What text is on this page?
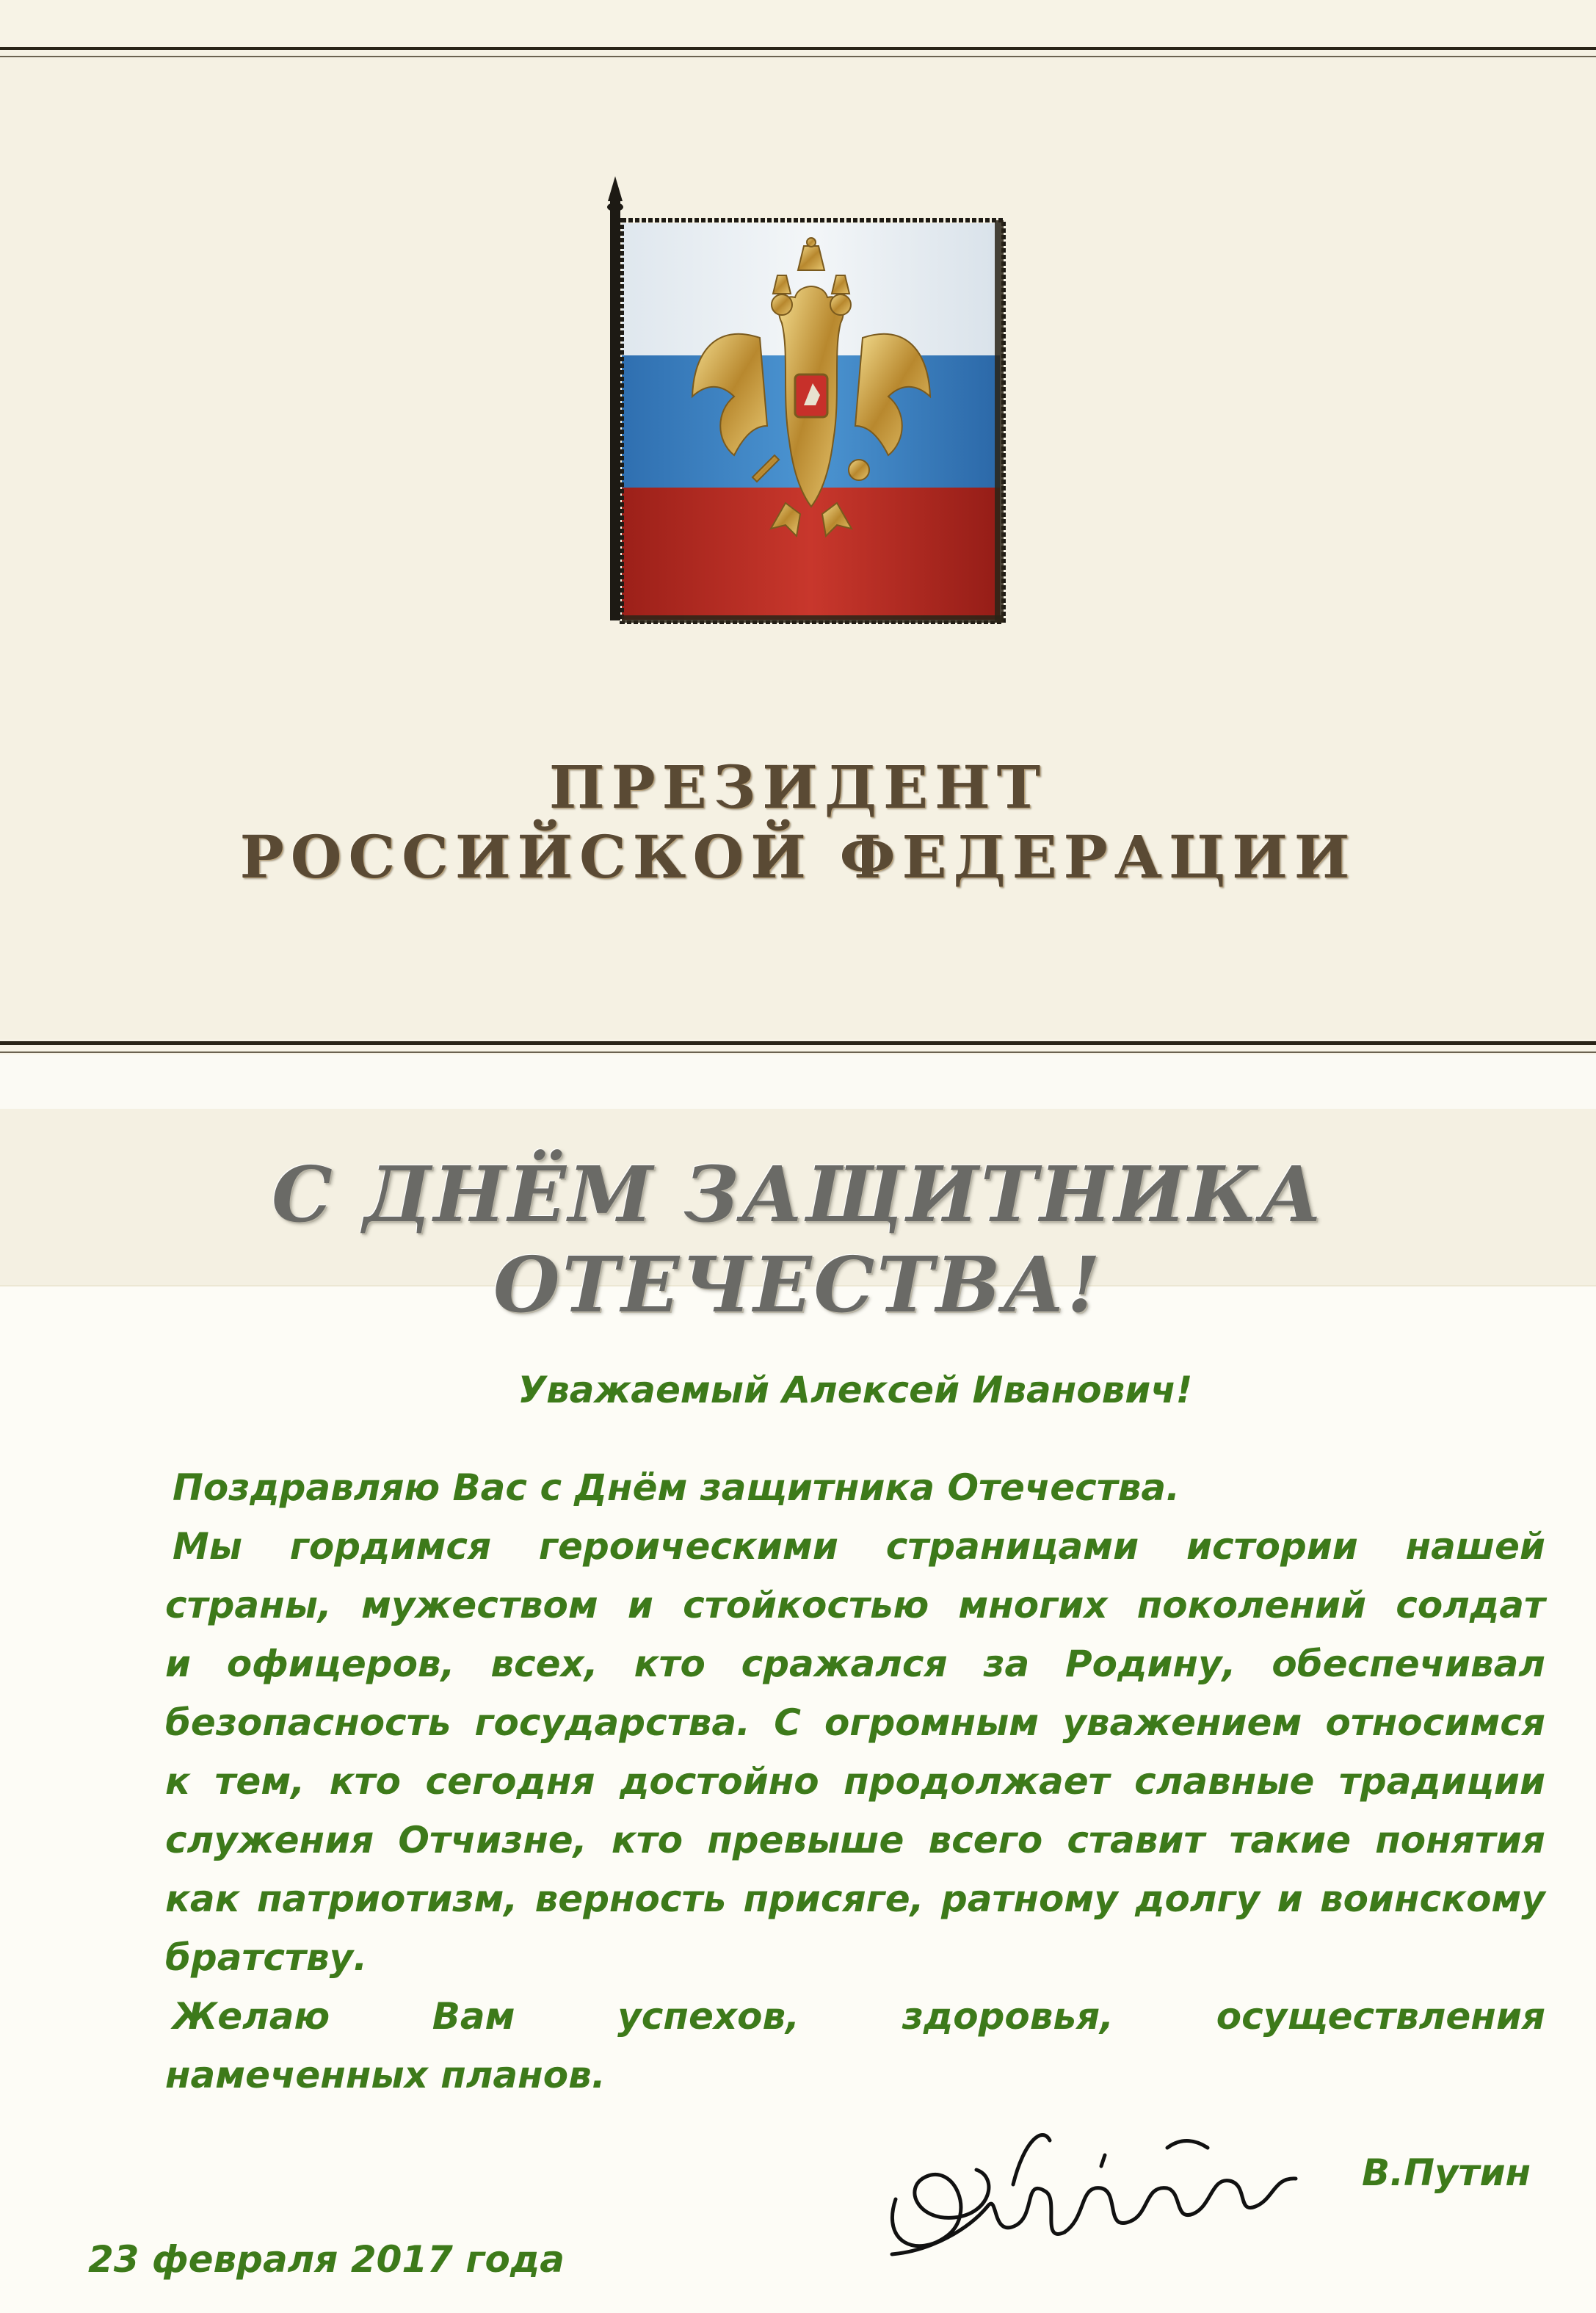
ПРЕЗИДЕНТ
РОССИЙСКОЙ ФЕДЕРАЦИИ
С ДНЁМ ЗАЩИТНИКА ОТЕЧЕСТВА!
Уважаемый Алексей Иванович!
Поздравляю Вас с Днём защитника Отечества.
Мы гордимся героическими страницами истории нашей
страны, мужеством и стойкостью многих поколений солдат
и офицеров, всех, кто сражался за Родину, обеспечивал
безопасность государства. С огромным уважением относимся
к тем, кто сегодня достойно продолжает славные традиции
служения Отчизне, кто превыше всего ставит такие понятия
как патриотизм, верность присяге, ратному долгу и воинскому
братству.
Желаю	Вам	успехов,	здоровья,	осуществления
намеченных планов.
В.Путин
23 февраля 2017 года
